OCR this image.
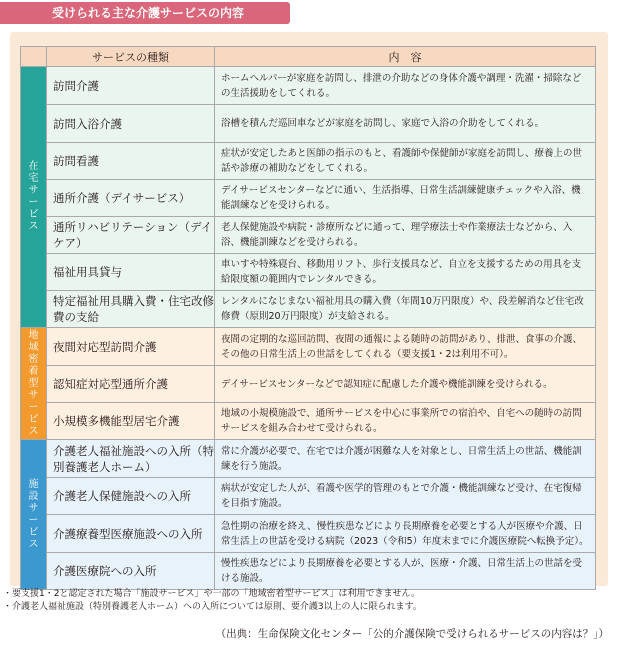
受けられる主な介護サービスの内容
	サービスの種類	内　容
在宅サービス	訪問介護	ホームヘルパーが家庭を訪問し、排泄の介助などの身体介護や調理・洗濯・掃除などの生活援助をしてくれる。
	訪問入浴介護	浴槽を積んだ巡回車などが家庭を訪問し、家庭で入浴の介助をしてくれる。
	訪問看護	症状が安定したあと医師の指示のもと、看護師や保健師が家庭を訪問し、療養上の世話や診療の補助などをしてくれる。
	通所介護（デイサービス）	デイサービスセンターなどに通い、生活指導、日常生活訓練健康チェックや入浴、機能訓練などを受けられる。
	通所リハビリテーション（デイケア）	老人保健施設や病院・診療所などに通って、理学療法士や作業療法士などから、入浴、機能訓練などを受けられる。
	福祉用具貸与	車いすや特殊寝台、移動用リフト、歩行支援具など、自立を支援するための用具を支給限度額の範囲内でレンタルできる。
	特定福祉用具購入費・住宅改修費の支給	レンタルになじまない福祉用具の購入費（年間10万円限度）や、段差解消など住宅改修費（原則20万円限度）が支給される。
地域密着型サービス	夜間対応型訪問介護	夜間の定期的な巡回訪問、夜間の通報による随時の訪問があり、排泄、食事の介護、その他の日常生活上の世話をしてくれる（要支援1・2は利用不可）。
	認知症対応型通所介護	デイサービスセンターなどで認知症に配慮した介護や機能訓練を受けられる。
	小規模多機能型居宅介護	地域の小規模施設で、通所サービスを中心に事業所での宿泊や、自宅への随時の訪問サービスを組み合わせて受けられる。
施設サービス	介護老人福祉施設への入所（特別養護老人ホーム）	常に介護が必要で、在宅では介護が困難な人を対象とし、日常生活上の世話、機能訓練を行う施設。
	介護老人保健施設への入所	病状が安定した人が、看護や医学的管理のもとで介護・機能訓練など受け、在宅復帰を目指す施設。
	介護療養型医療施設への入所	急性期の治療を終え、慢性疾患などにより長期療養を必要とする人が医療や介護、日常生活上の世話を受ける病院（2023（令和5）年度末までに介護医療院へ転換予定）。
	介護医療院への入所	慢性疾患などにより長期療養を必要とする人が、医療・介護、日常生活上の世話を受ける施設。
・要支援1・2と認定された場合「施設サービス」や一部の「地域密着型サービス」は利用できません。
・介護老人福祉施設（特別養護老人ホーム）への入所については原則、要介護3以上の人に限られます。
（出典：生命保険文化センター「公的介護保険で受けられるサービスの内容は？」）
